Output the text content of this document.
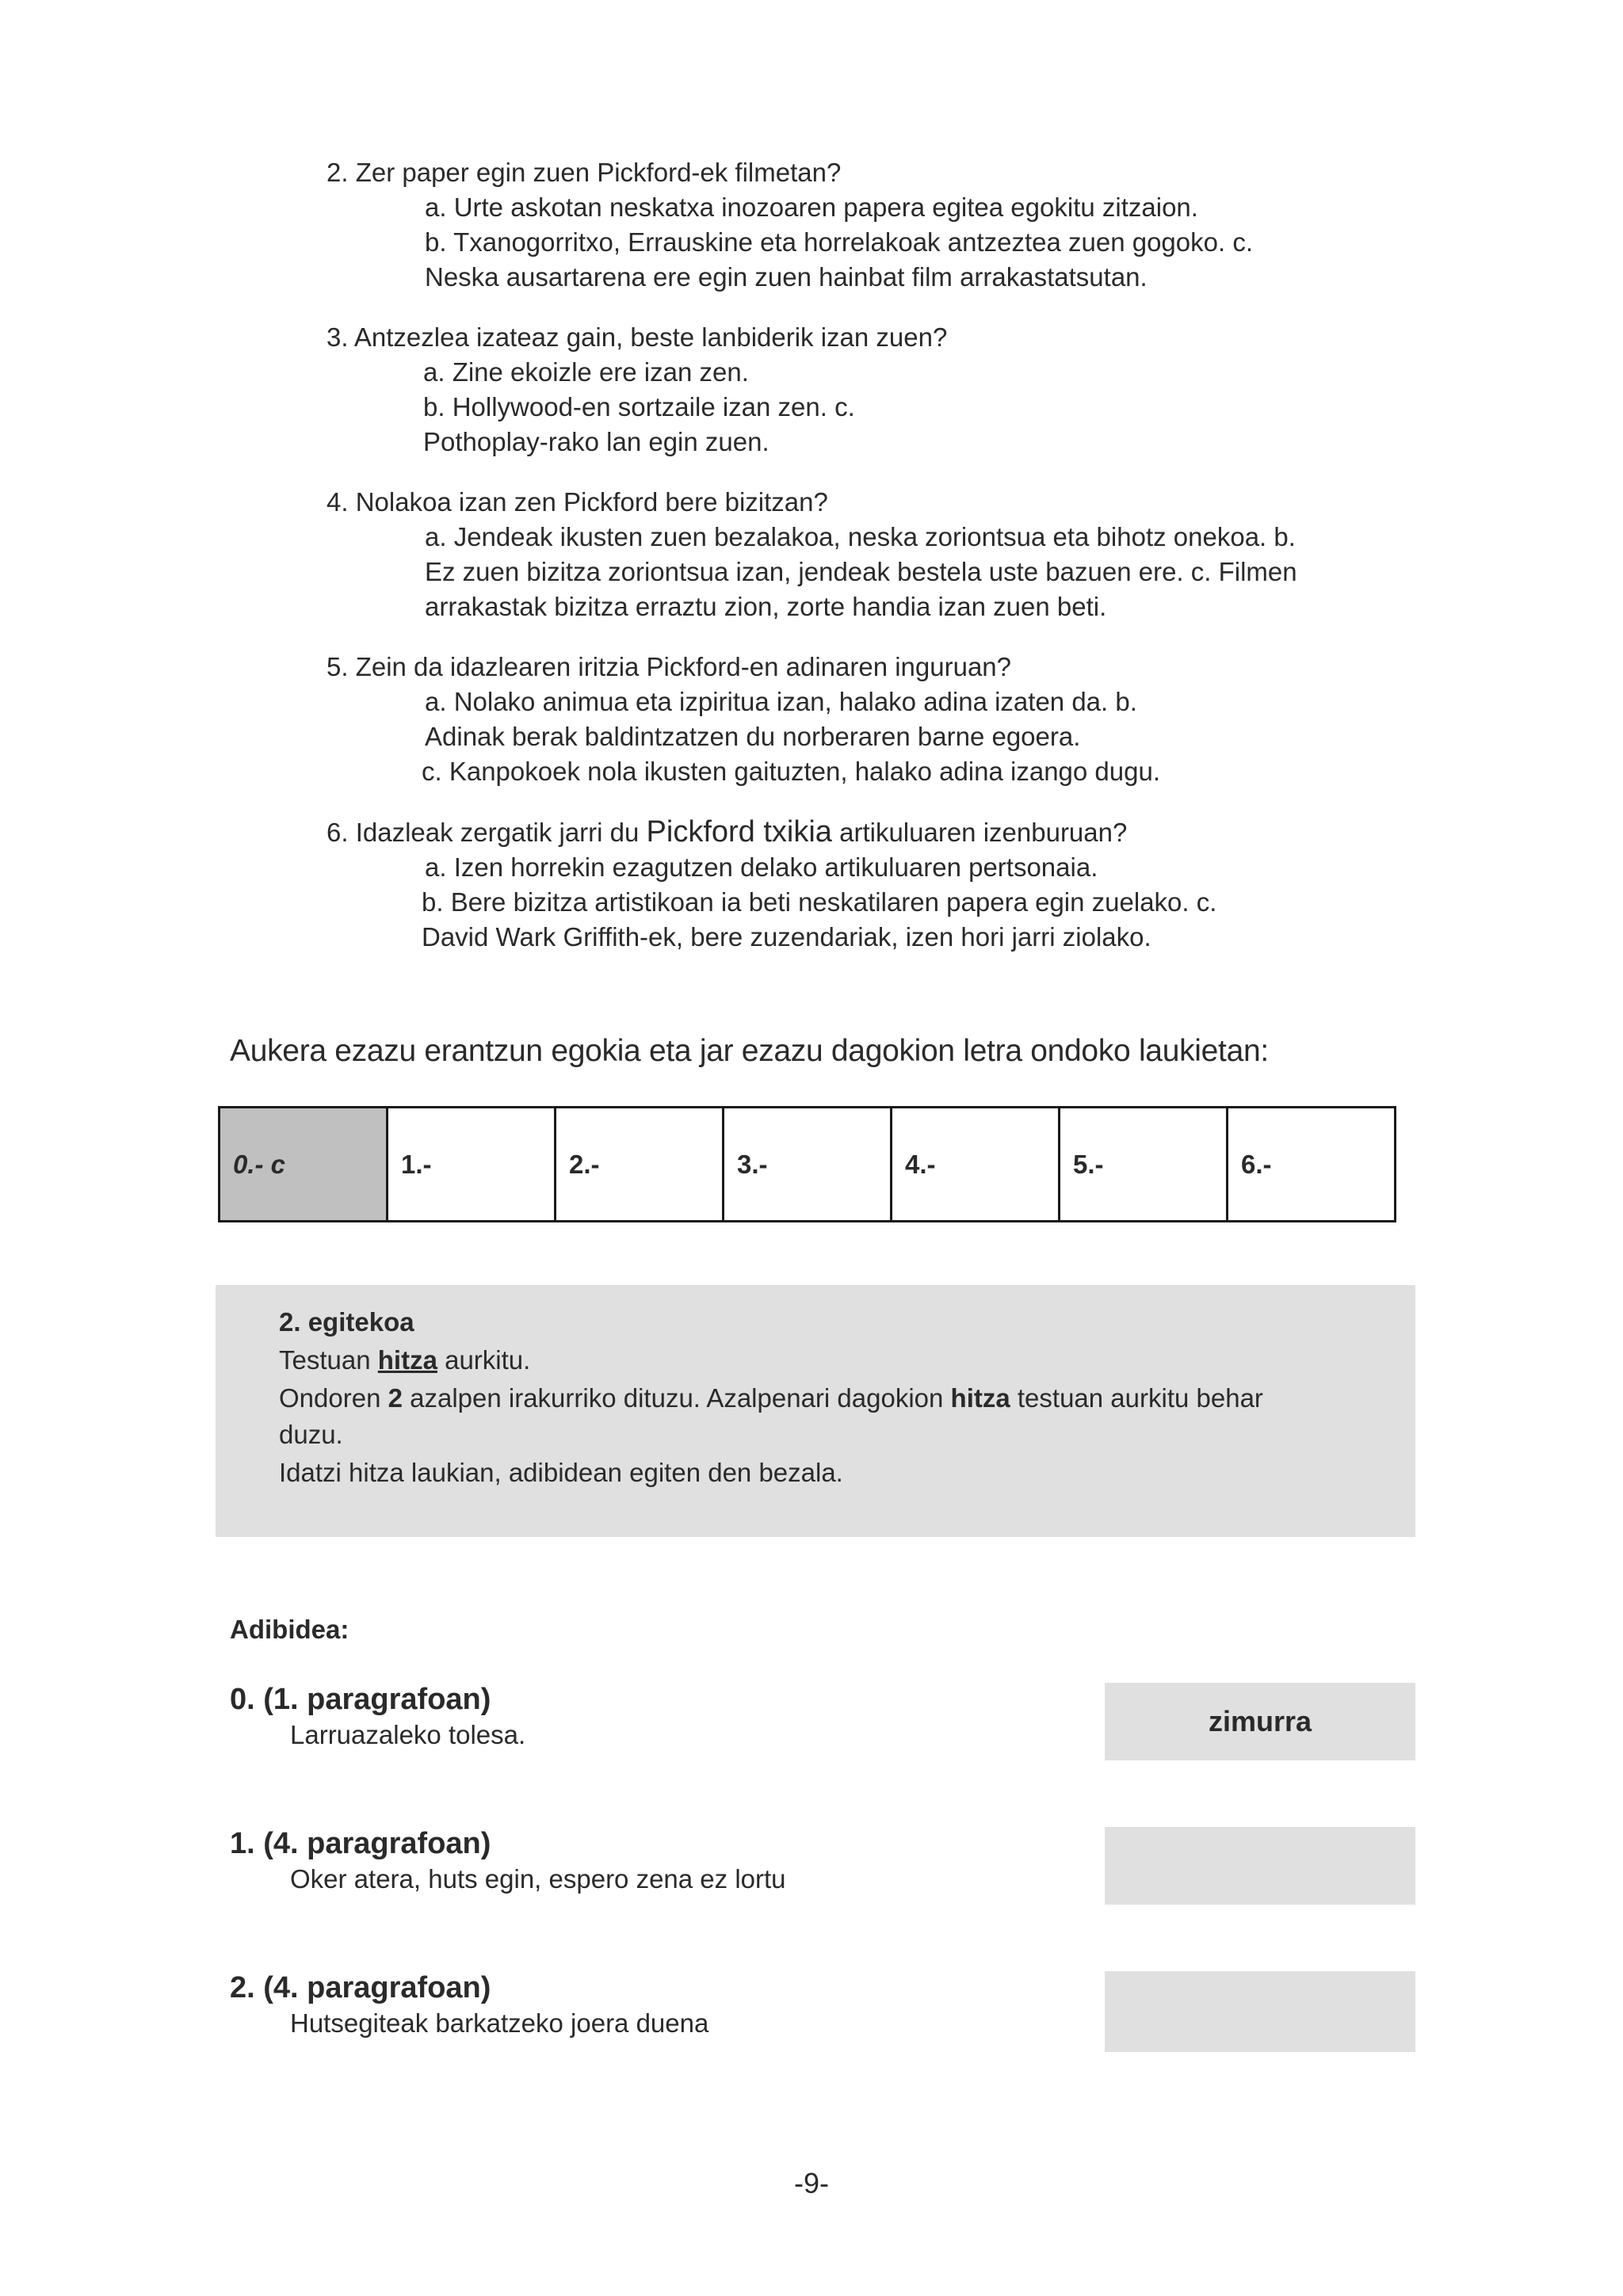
2. Zer paper egin zuen Pickford-ek filmetan?
a. Urte askotan neskatxa inozoaren papera egitea egokitu zitzaion.
b. Txanogorritxo, Errauskine eta horrelakoak antzeztea zuen gogoko. c.
Neska ausartarena ere egin zuen hainbat film arrakastatsutan.
3. Antzezlea izateaz gain, beste lanbiderik izan zuen?
a. Zine ekoizle ere izan zen.
b. Hollywood-en sortzaile izan zen. c.
Pothoplay-rako lan egin zuen.
4. Nolakoa izan zen Pickford bere bizitzan?
a. Jendeak ikusten zuen bezalakoa, neska zoriontsua eta bihotz onekoa. b.
Ez zuen bizitza zoriontsua izan, jendeak bestela uste bazuen ere. c. Filmen
arrakastak bizitza erraztu zion, zorte handia izan zuen beti.
5. Zein da idazlearen iritzia Pickford-en adinaren inguruan?
a. Nolako animua eta izpiritua izan, halako adina izaten da. b.
Adinak berak baldintzatzen du norberaren barne egoera.
c. Kanpokoek nola ikusten gaituzten, halako adina izango dugu.
6. Idazleak zergatik jarri du Pickford txikia artikuluaren izenburuan?
a. Izen horrekin ezagutzen delako artikuluaren pertsonaia.
b. Bere bizitza artistikoan ia beti neskatilaren papera egin zuelako. c.
David Wark Griffith-ek, bere zuzendariak, izen hori jarri ziolako.
Aukera ezazu erantzun egokia eta jar ezazu dagokion letra ondoko laukietan:
0.- c	1.-	2.-	3.-	4.-	5.-	6.-
2. egitekoa
Testuan hitza aurkitu.
Ondoren 2 azalpen irakurriko dituzu. Azalpenari dagokion hitza testuan aurkitu behar duzu.
Idatzi hitza laukian, adibidean egiten den bezala.
Adibidea:
0. (1. paragrafoan)
Larruazaleko tolesa.	zimurra
1. (4. paragrafoan)
Oker atera, huts egin, espero zena ez lortu
2. (4. paragrafoan)
Hutsegiteak barkatzeko joera duena
-9-
